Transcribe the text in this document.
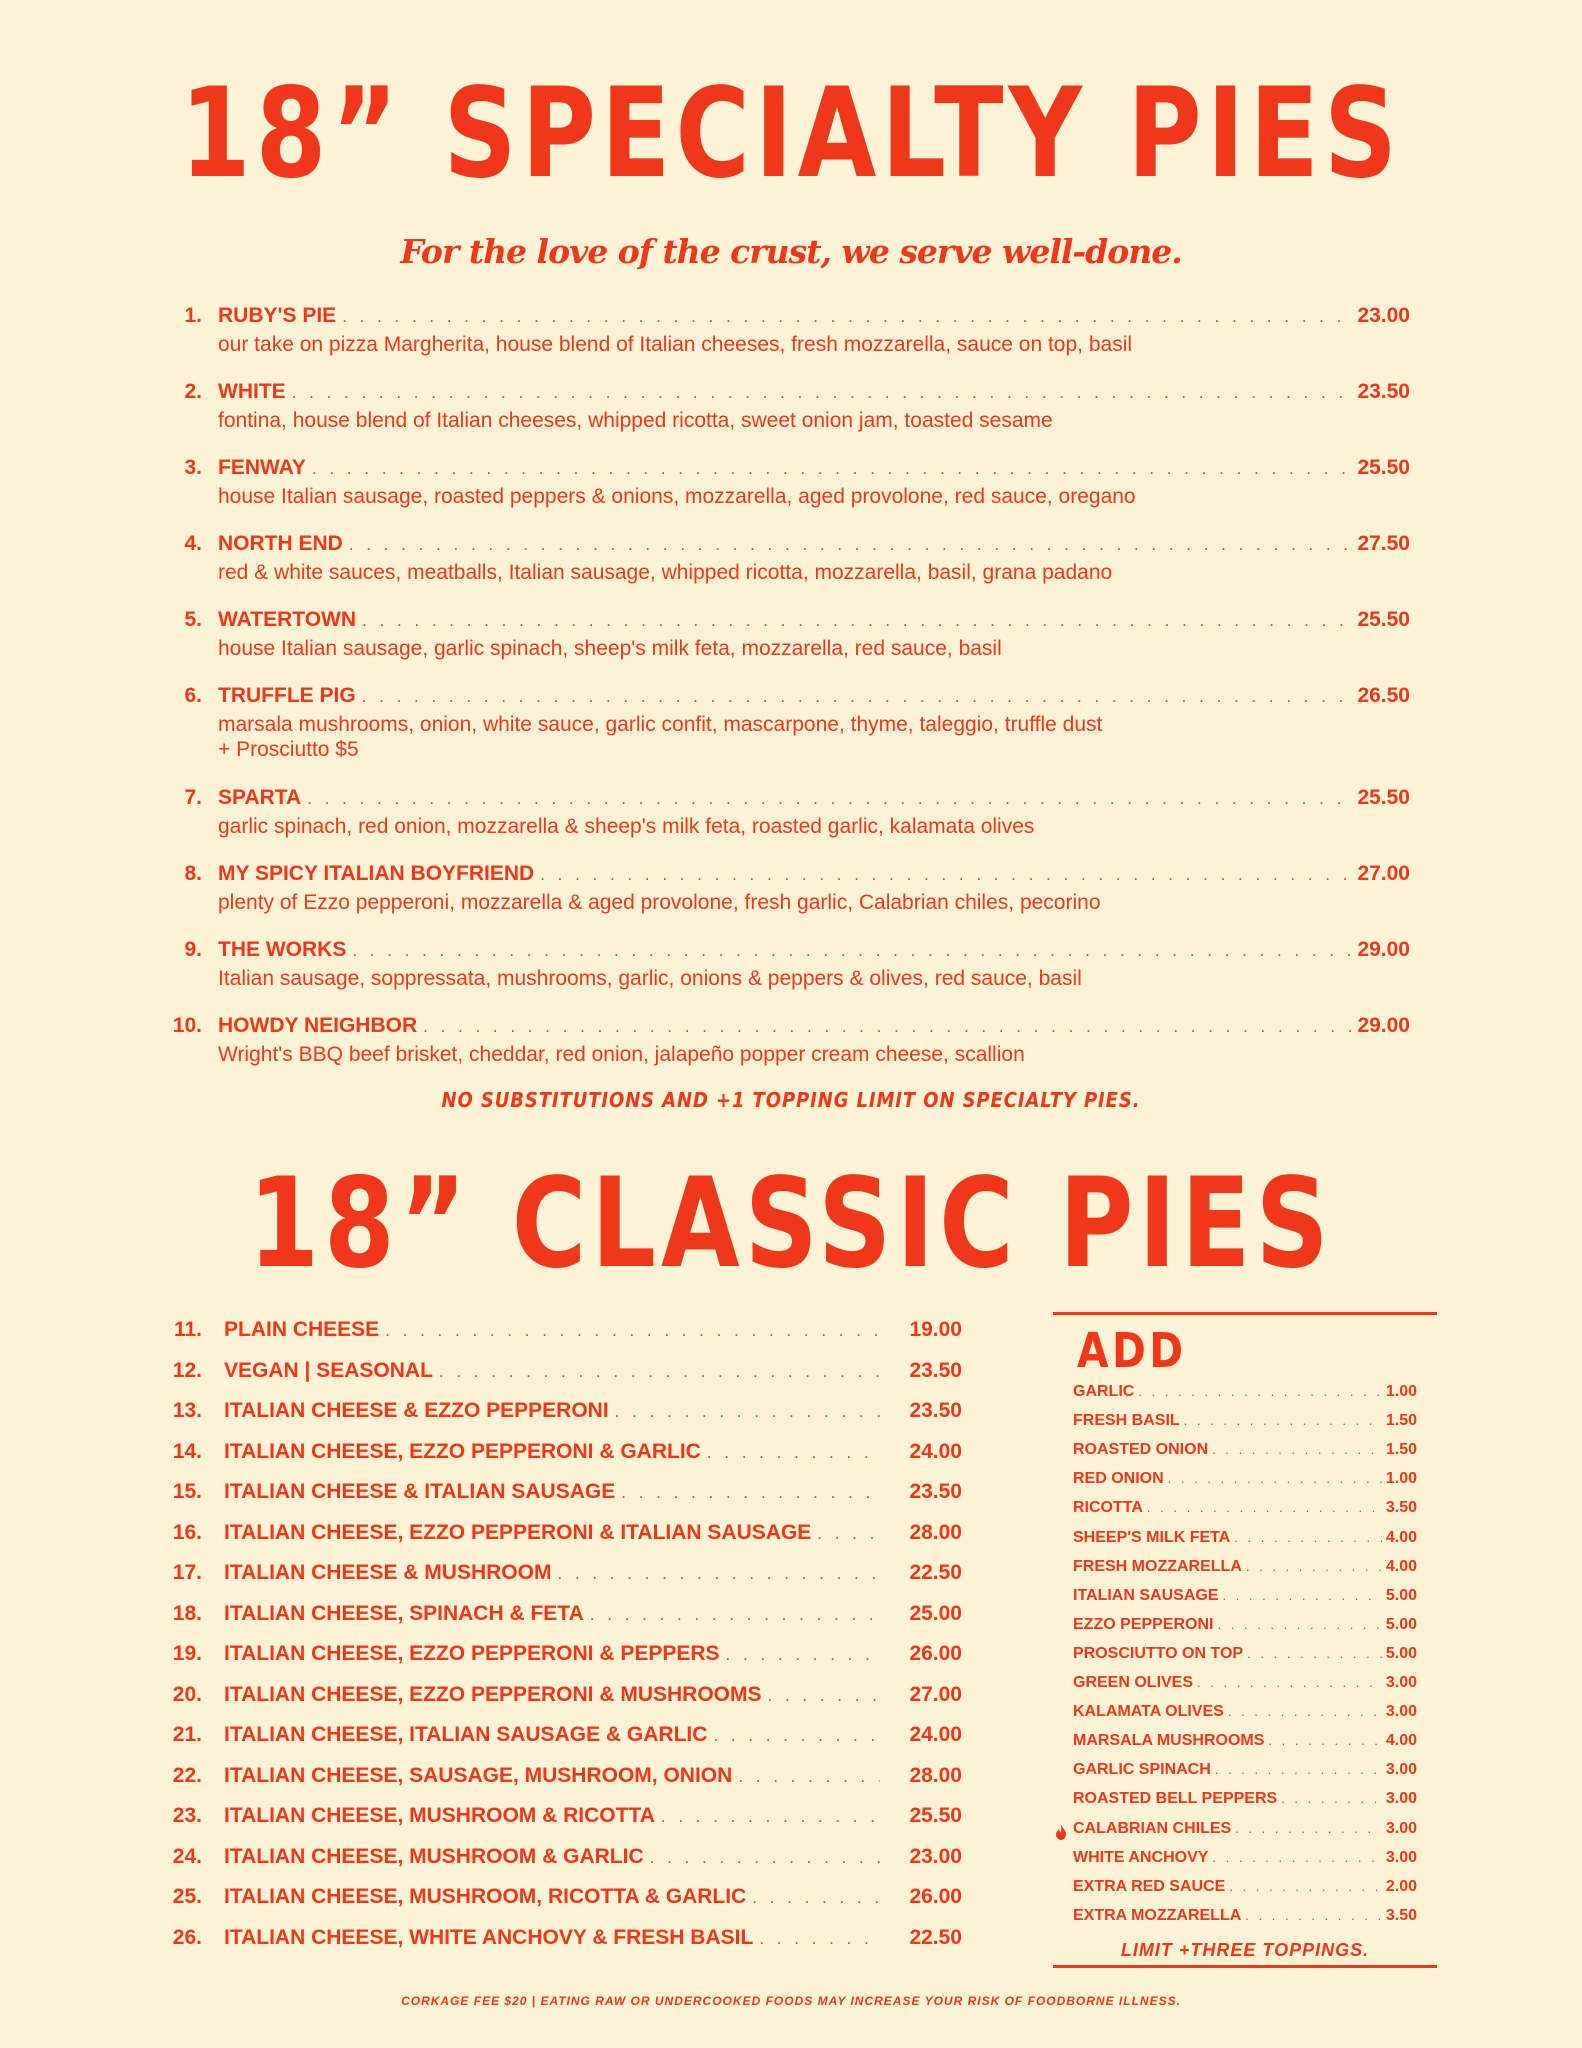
18” SPECIALTY PIES
For the love of the crust, we serve well-done.
1. RUBY'S PIE . . .	23.00
our take on pizza Margherita, house blend of Italian cheeses, fresh mozzarella, sauce on top, basil
2. WHITE . . .	23.50
fontina, house blend of Italian cheeses, whipped ricotta, sweet onion jam, toasted sesame
3. FENWAY . . .	25.50
house Italian sausage, roasted peppers & onions, mozzarella, aged provolone, red sauce, oregano
4. NORTH END . . .	27.50
red & white sauces, meatballs, Italian sausage, whipped ricotta, mozzarella, basil, grana padano
5. WATERTOWN . . .	25.50
house Italian sausage, garlic spinach, sheep's milk feta, mozzarella, red sauce, basil
6. TRUFFLE PIG . . .	26.50
marsala mushrooms, onion, white sauce, garlic confit, mascarpone, thyme, taleggio, truffle dust
+ Prosciutto $5
7. SPARTA . . .	25.50
garlic spinach, red onion, mozzarella & sheep's milk feta, roasted garlic, kalamata olives
8. MY SPICY ITALIAN BOYFRIEND . . .	27.00
plenty of Ezzo pepperoni, mozzarella & aged provolone, fresh garlic, Calabrian chiles, pecorino
9. THE WORKS . . .	29.00
Italian sausage, soppressata, mushrooms, garlic, onions & peppers & olives, red sauce, basil
10. HOWDY NEIGHBOR . . .	29.00
Wright's BBQ beef brisket, cheddar, red onion, jalapeño popper cream cheese, scallion
NO SUBSTITUTIONS AND +1 TOPPING LIMIT ON SPECIALTY PIES.
18” CLASSIC PIES
11.	PLAIN CHEESE . . .	19.00
12.	VEGAN | SEASONAL . . .	23.50
13.	ITALIAN CHEESE & EZZO PEPPERONI . . .	23.50
14.	ITALIAN CHEESE, EZZO PEPPERONI & GARLIC . . .	24.00
15.	ITALIAN CHEESE & ITALIAN SAUSAGE . . .	23.50
16.	ITALIAN CHEESE, EZZO PEPPERONI & ITALIAN SAUSAGE . . .	28.00
17.	ITALIAN CHEESE & MUSHROOM . . .	22.50
18.	ITALIAN CHEESE, SPINACH & FETA . . .	25.00
19.	ITALIAN CHEESE, EZZO PEPPERONI & PEPPERS . . .	26.00
20.	ITALIAN CHEESE, EZZO PEPPERONI & MUSHROOMS . . .	27.00
21.	ITALIAN CHEESE, ITALIAN SAUSAGE & GARLIC . . .	24.00
22.	ITALIAN CHEESE, SAUSAGE, MUSHROOM, ONION . . .	28.00
23.	ITALIAN CHEESE, MUSHROOM & RICOTTA . . .	25.50
24.	ITALIAN CHEESE, MUSHROOM & GARLIC . . .	23.00
25.	ITALIAN CHEESE, MUSHROOM, RICOTTA & GARLIC . . .	26.00
26.	ITALIAN CHEESE, WHITE ANCHOVY & FRESH BASIL . . .	22.50
ADD
GARLIC . . .	1.00
FRESH BASIL . . .	1.50
ROASTED ONION . . .	1.50
RED ONION . . .	1.00
RICOTTA . . .	3.50
SHEEP'S MILK FETA . . .	4.00
FRESH MOZZARELLA . . .	4.00
ITALIAN SAUSAGE . . .	5.00
EZZO PEPPERONI . . .	5.00
PROSCIUTTO ON TOP . . .	5.00
GREEN OLIVES . . .	3.00
KALAMATA OLIVES . . .	3.00
MARSALA MUSHROOMS . . .	4.00
GARLIC SPINACH . . .	3.00
ROASTED BELL PEPPERS . . .	3.00
CALABRIAN CHILES . . .	3.00
WHITE ANCHOVY . . .	3.00
EXTRA RED SAUCE . . .	2.00
EXTRA MOZZARELLA . . .	3.50
LIMIT +THREE TOPPINGS.
CORKAGE FEE $20 | EATING RAW OR UNDERCOOKED FOODS MAY INCREASE YOUR RISK OF FOODBORNE ILLNESS.
